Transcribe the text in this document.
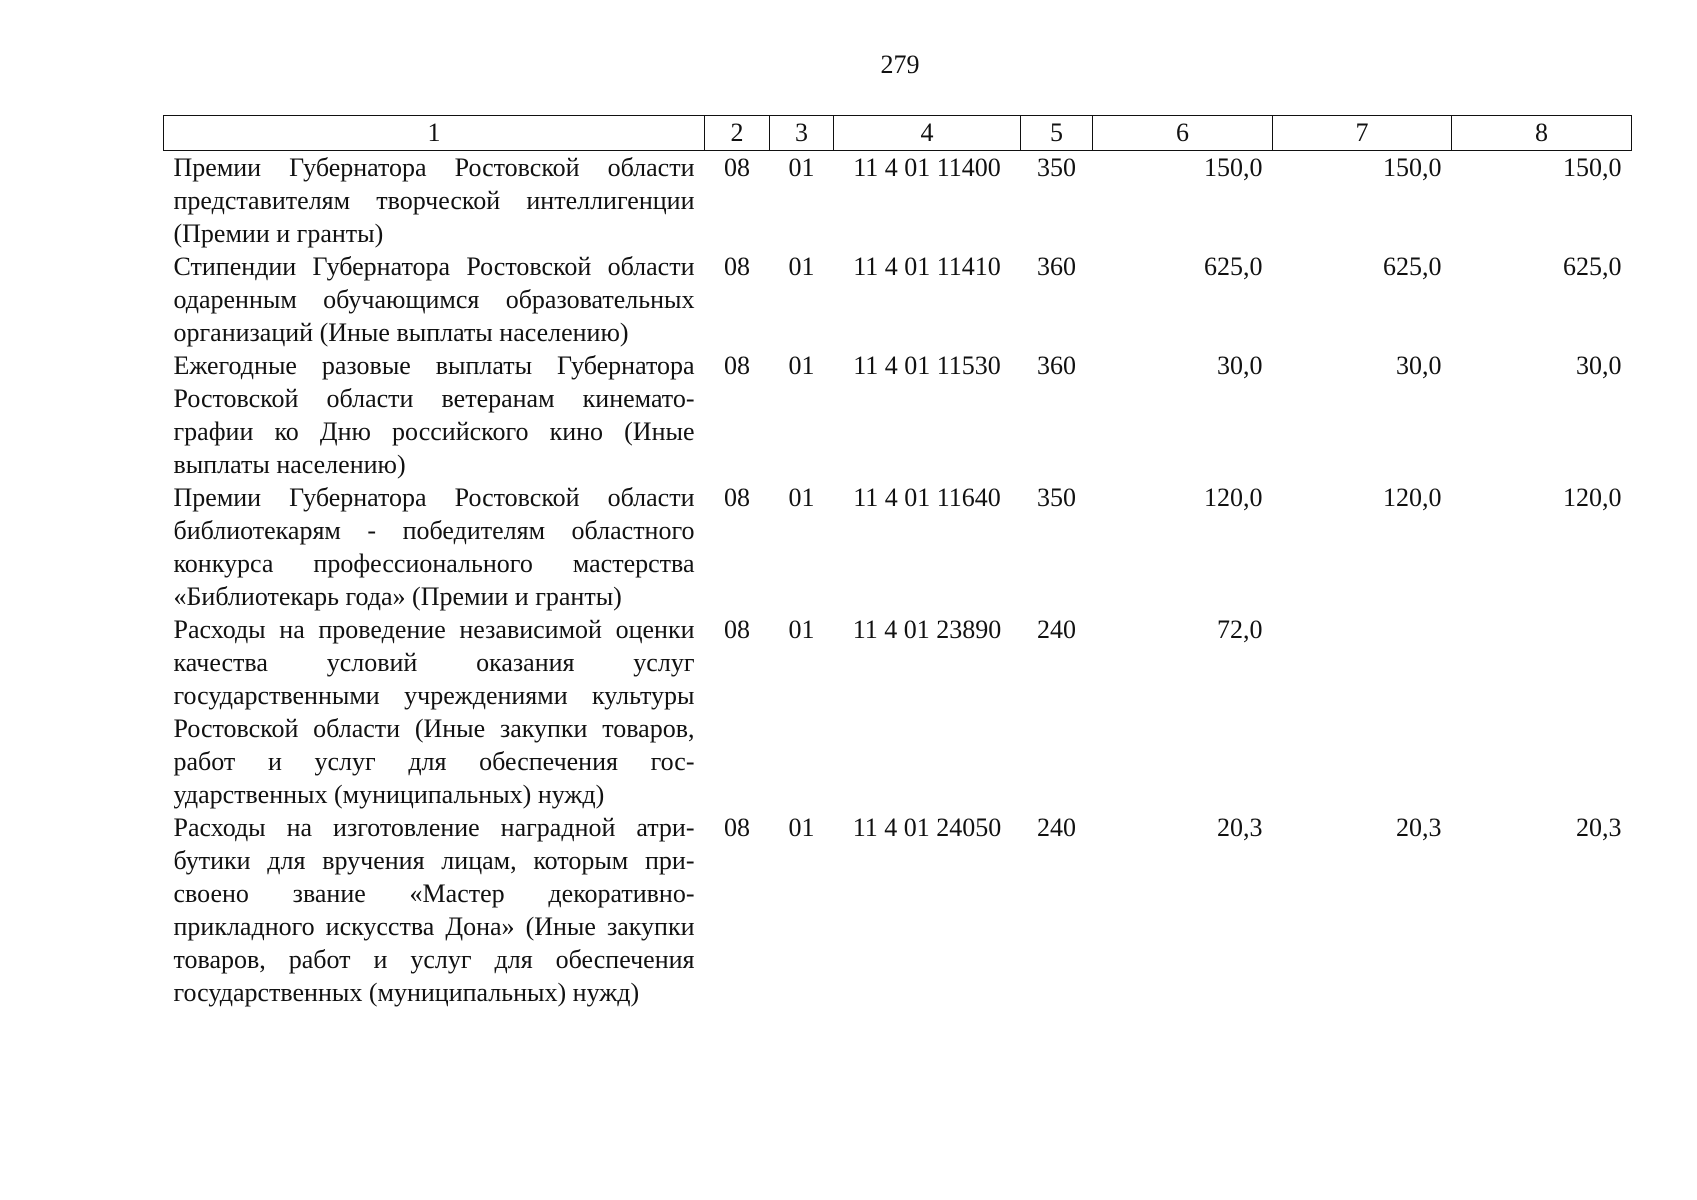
279
1	2	3	4	5	6	7	8
Премии Губернатора Ростовской области представителям творческой интеллигенции (Премии и гранты)	08	01	11 4 01 11400	350	150,0	150,0	150,0
Стипендии Губернатора Ростовской области одаренным обучающимся образовательных организаций (Иные выплаты населению)	08	01	11 4 01 11410	360	625,0	625,0	625,0
Ежегодные разовые выплаты Губернатора Ростовской области ветеранам кинематографии ко Дню российского кино (Иные выплаты населению)	08	01	11 4 01 11530	360	30,0	30,0	30,0
Премии Губернатора Ростовской области библиотекарям - победителям областного конкурса профессионального мастерства «Библиотекарь года» (Премии и гранты)	08	01	11 4 01 11640	350	120,0	120,0	120,0
Расходы на проведение независимой оценки качества условий оказания услуг государственными учреждениями культуры Ростовской области (Иные закупки товаров, работ и услуг для обеспечения государственных (муниципальных) нужд)	08	01	11 4 01 23890	240	72,0		
Расходы на изготовление наградной атрибутики для вручения лицам, которым присвоено звание «Мастер декоративно-прикладного искусства Дона» (Иные закупки товаров, работ и услуг для обеспечения государственных (муниципальных) нужд)	08	01	11 4 01 24050	240	20,3	20,3	20,3
